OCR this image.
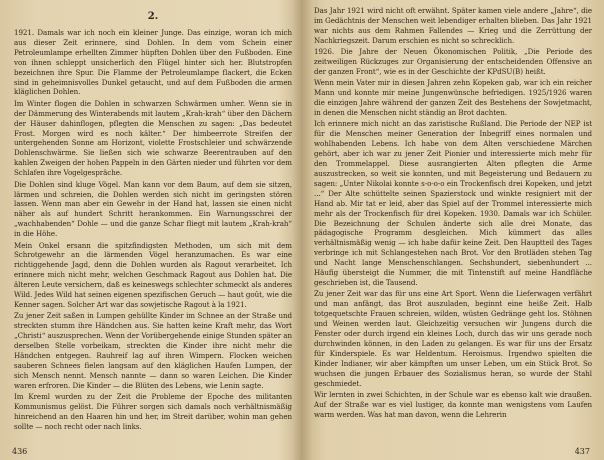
2.

1921. Damals war ich noch ein kleiner Junge. Das einzige, woran ich mich aus dieser Zeit erinnere, sind Dohlen. In dem vom Schein einer Petroleumlampe erhellten Zimmer hüpften Dohlen über den Fußboden. Eine von ihnen schleppt unsicherlich den Flügel hinter sich her. Blutstropfen bezeichnen ihre Spur. Die Flamme der Petroleumlampe flackert, die Ecken sind in geheimnisvolles Dunkel getaucht, und auf dem Fußboden die armen kläglichen Dohlen.

Im Winter flogen die Dohlen in schwarzen Schwärmen umher. Wenn sie in der Dämmerung des Winterabends mit lautem „Krah-krah“ über den Dächern der Häuser dahinflogen, pflegten die Menschen zu sagen: „Das bedeutet Frost. Morgen wird es noch kälter.“ Der himbeerrote Streifen der untergehenden Sonne am Horizont, violette Frostschleier und schwärzende Dohlenschwärme. Sie ließen sich wie schwarze Beerentrauben auf den kahlen Zweigen der hohen Pappeln in den Gärten nieder und führten vor dem Schlafen ihre Vogelgespräche.

Die Dohlen sind kluge Vögel. Man kann vor dem Baum, auf dem sie sitzen, lärmen und schreien, die Dohlen werden sich nicht im geringsten stören lassen. Wenn man aber ein Gewehr in der Hand hat, lassen sie einen nicht näher als auf hundert Schritt herankommen. Ein Warnungsschrei der „wachhabenden“ Dohle — und die ganze Schar fliegt mit lautem „Krah-krah“ in die Höhe.

Mein Onkel ersann die spitzfindigsten Methoden, um sich mit dem Schrotgewehr an die lärmenden Vögel heranzumachen. Es war eine richtiggehende Jagd, denn die Dohlen wurden als Ragout verarbeitet. Ich erinnere mich nicht mehr, welchen Geschmack Ragout aus Dohlen hat. Die älteren Leute versichern, daß es keineswegs schlechter schmeckt als anderes Wild. Jedes Wild hat seinen eigenen spezifischen Geruch — haut goût, wie die Kenner sagen. Solcher Art war das sowjetische Ragout à la 1921.

Zu jener Zeit saßen in Lumpen gehüllte Kinder im Schnee an der Straße und streckten stumm ihre Händchen aus. Sie hatten keine Kraft mehr, das Wort „Christi“ auszusprechen. Wenn der Vorübergehende einige Stunden später an derselben Stelle vorbeikam, streckten die Kinder ihre nicht mehr die Händchen entgegen. Rauhreif lag auf ihren Wimpern. Flocken weichen sauberen Schnees fielen langsam auf den kläglichen Haufen Lumpen, der sich Mensch nennt. Mensch nannte — dann so waren Leichen. Die Kinder waren erfroren. Die Kinder — die Blüten des Lebens, wie Lenin sagte.

Im Kreml wurden zu der Zeit die Probleme der Epoche des militanten Kommunismus gelöst. Die Führer sorgen sich damals noch verhältnismäßig hinreichend an den Haaren hin und her, im Streit darüber, wohin man gehen sollte — noch recht oder nach links.

436

Das Jahr 1921 wird nicht oft erwähnt. Später kamen viele andere „Jahre“, die im Gedächtnis der Menschen weit lebendiger erhalten blieben. Das Jahr 1921 war nichts aus dem Rahmen Fallendes — Krieg und die Zerrüttung der Nachkriegszeit. Darum erschien es nicht so schrecklich.

1926. Die Jahre der Neuen Ökonomischen Politik, „Die Periode des zeitweiligen Rückzuges zur Organisierung der entscheidenden Offensive an der ganzen Front“, wie es in der Geschichte der KPdSU(B) heißt.

Wenn mein Vater mir in diesen Jahren zehn Kopeken gab, war ich ein reicher Mann und konnte mir meine Jungenwünsche befriedigen. 1925/1926 waren die einzigen Jahre während der ganzen Zeit des Bestehens der Sowjetmacht, in denen die Menschen nicht ständig an Brot dachten.

Ich erinnere mich nicht an das zaristische Rußland. Die Periode der NEP ist für die Menschen meiner Generation der Inbegriff eines normalen und wohlhabenden Lebens. Ich habe von dem Alten verschiedene Märchen gehört, aber ich war zu jener Zeit Pionier und interessierte mich mehr für den Trommelappel. Diese ausrangierten Alten pflegten die Arme auszustrecken, so weit sie konnten, und mit Begeisterung und Bedauern zu sagen: „Unter Nikolai konnte s-o-o-o ein Trockenfisch drei Kopeken, und jetzt ...“ Der Alte schüttelte seinen Spazierstock und winkte resigniert mit der Hand ab. Mir tat er leid, aber das Spiel auf der Trommel interessierte mich mehr als der Trockenfisch für drei Kopeken. 1930. Damals war ich Schüler. Die Bezeichnung der Schulen änderte sich alle drei Monate, das pädagogische Programm desgleichen. Mich kümmert das alles verhältnismäßig wenig — ich habe dafür keine Zeit. Den Hauptteil des Tages verbringe ich mit Schlangestehen nach Brot. Vor den Brotläden stehen Tag und Nacht lange Menschenschlangen. Sechshundert, siebenhundert ... Häufig übersteigt die Nummer, die mit Tintenstift auf meine Handfläche geschrieben ist, die Tausend.

Zu jener Zeit war das für uns eine Art Sport. Wenn die Lieferwagen verfährt und man anfängt, das Brot auszuladen, beginnt eine heiße Zeit. Halb totgequetschte Frauen schreien, wilden, wüsten Gedränge geht los. Stöhnen und Weinen werden laut. Gleichzeitig versuchen wir Jungens durch die Fenster oder durch irgend ein kleines Loch, durch das wir uns gerade noch durchwinden können, in den Laden zu gelangen. Es war für uns der Ersatz für Kinderspiele. Es war Heldentum. Heroismus. Irgendwo spielten die Kinder Indianer, wir aber kämpften um unser Leben, um ein Stück Brot. So wuchsen die jungen Erbauer des Sozialismus heran, so wurde der Stahl geschmiedet.

Wir lernten in zwei Schichten, in der Schule war es ebenso kalt wie draußen. Auf der Straße war es viel lustiger, da konnte man wenigstens vom Laufen warm werden. Was hat man davon, wenn die Lehrerin

437
